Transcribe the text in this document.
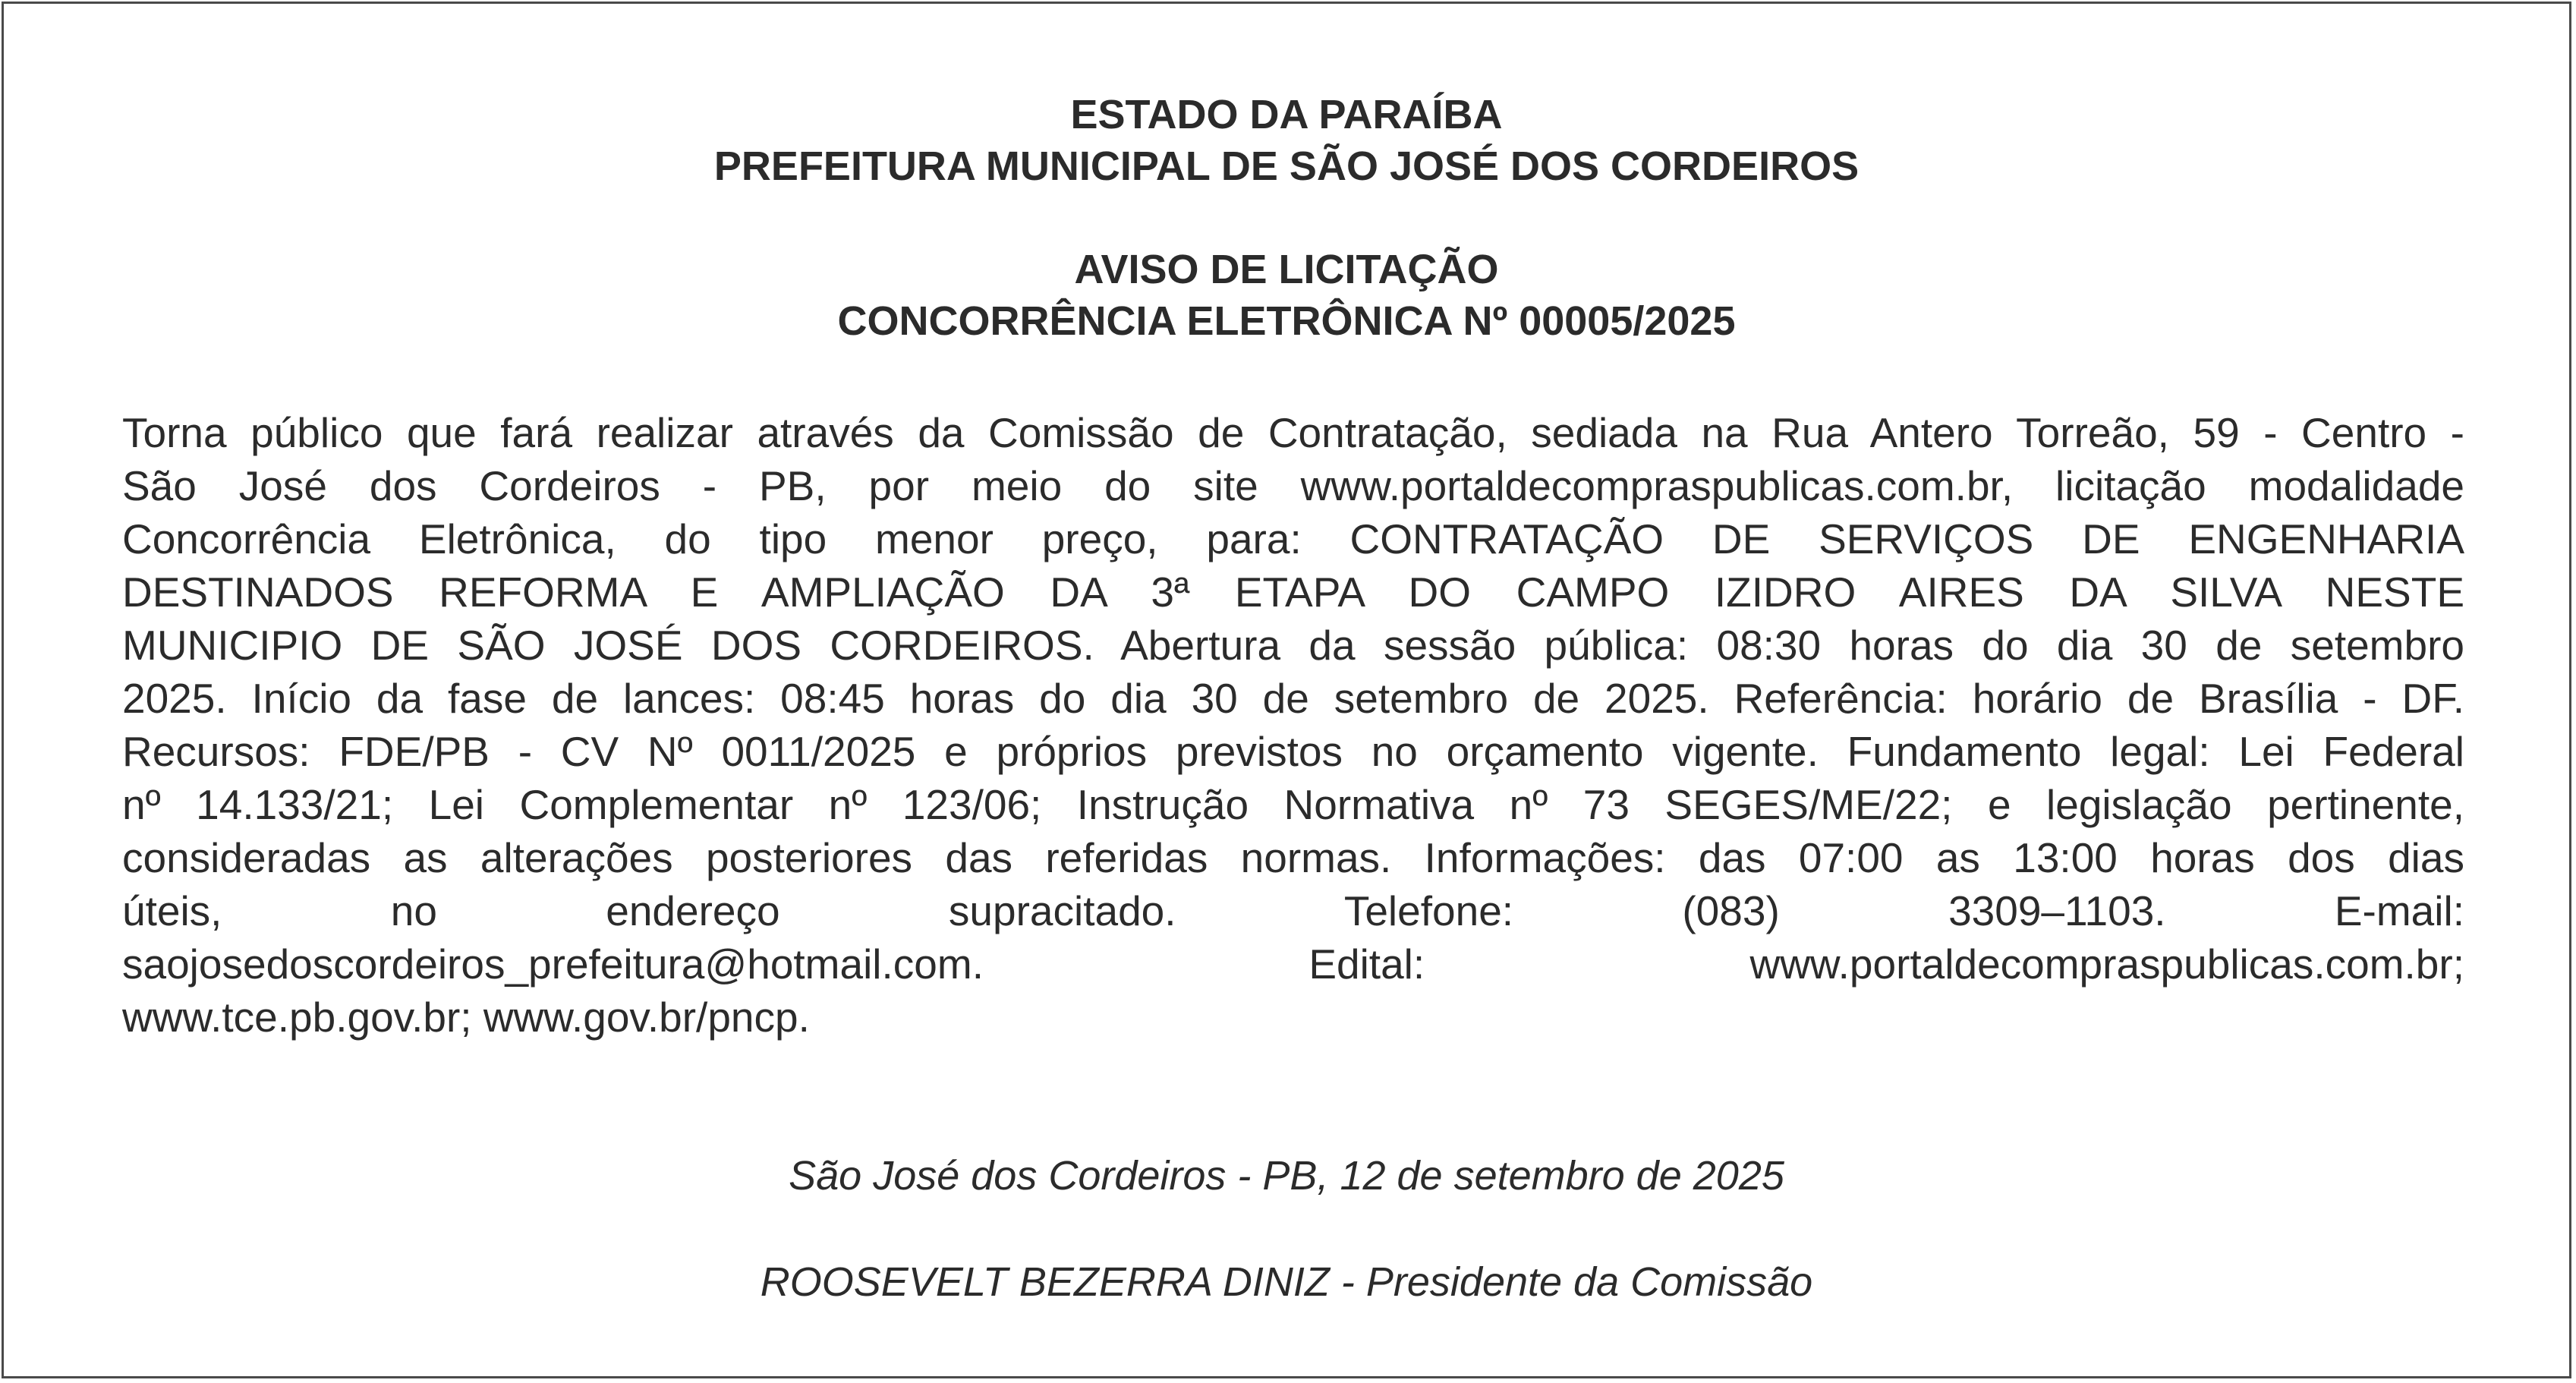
ESTADO DA PARAÍBA
PREFEITURA MUNICIPAL DE SÃO JOSÉ DOS CORDEIROS
AVISO DE LICITAÇÃO
CONCORRÊNCIA ELETRÔNICA Nº 00005/2025
Torna público que fará realizar através da Comissão de Contratação, sediada na Rua Antero Torreão, 59 - Centro -
São José dos Cordeiros - PB, por meio do site www.portaldecompraspublicas.com.br, licitação modalidade
Concorrência Eletrônica, do tipo menor preço, para: CONTRATAÇÃO DE SERVIÇOS DE ENGENHARIA
DESTINADOS REFORMA E AMPLIAÇÃO DA 3ª ETAPA DO CAMPO IZIDRO AIRES DA SILVA NESTE
MUNICIPIO DE SÃO JOSÉ DOS CORDEIROS. Abertura da sessão pública: 08:30 horas do dia 30 de setembro
2025. Início da fase de lances: 08:45 horas do dia 30 de setembro de 2025. Referência: horário de Brasília - DF.
Recursos: FDE/PB - CV Nº 0011/2025 e próprios previstos no orçamento vigente. Fundamento legal: Lei Federal
nº 14.133/21; Lei Complementar nº 123/06; Instrução Normativa nº 73 SEGES/ME/22; e legislação pertinente,
consideradas as alterações posteriores das referidas normas. Informações: das 07:00 as 13:00 horas dos dias
úteis, no endereço supracitado. Telefone: (083) 3309–1103. E-mail:
saojosedoscordeiros_prefeitura@hotmail.com. Edital: www.portaldecompraspublicas.com.br;
www.tce.pb.gov.br; www.gov.br/pncp.
São José dos Cordeiros - PB, 12 de setembro de 2025
ROOSEVELT BEZERRA DINIZ - Presidente da Comissão
